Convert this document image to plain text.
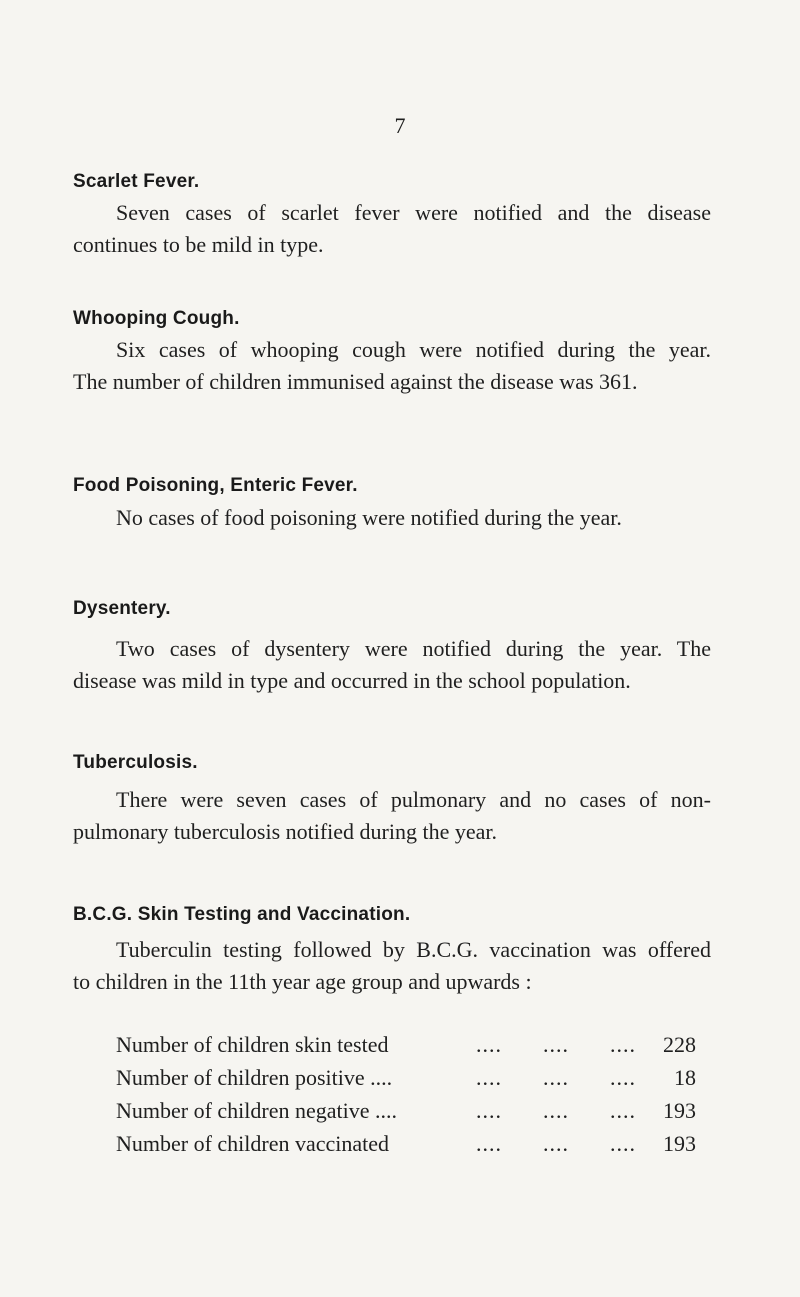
7
Scarlet Fever.

Seven cases of scarlet fever were notified and the disease
continues to be mild in type.

Whooping Cough.

Six cases of whooping cough were notified during the year.
The number of children immunised against the disease was 361.

Food Poisoning, Enteric Fever.

No cases of food poisoning were notified during the year.

Dysentery.

Two cases of dysentery were notified during the year. The
disease was mild in type and occurred in the school population.

Tuberculosis.

There were seven cases of pulmonary and no cases of non-
pulmonary tuberculosis notified during the year.

B.C.G. Skin Testing and Vaccination.

Tuberculin testing followed by B.C.G. vaccination was offered
to children in the 11th year age group and upwards :

Number of children skin tested	.... .... .... 228
Number of children positive ....	.... .... .... 18
Number of children negative ....	.... .... .... 193
Number of children vaccinated	.... .... .... 193
